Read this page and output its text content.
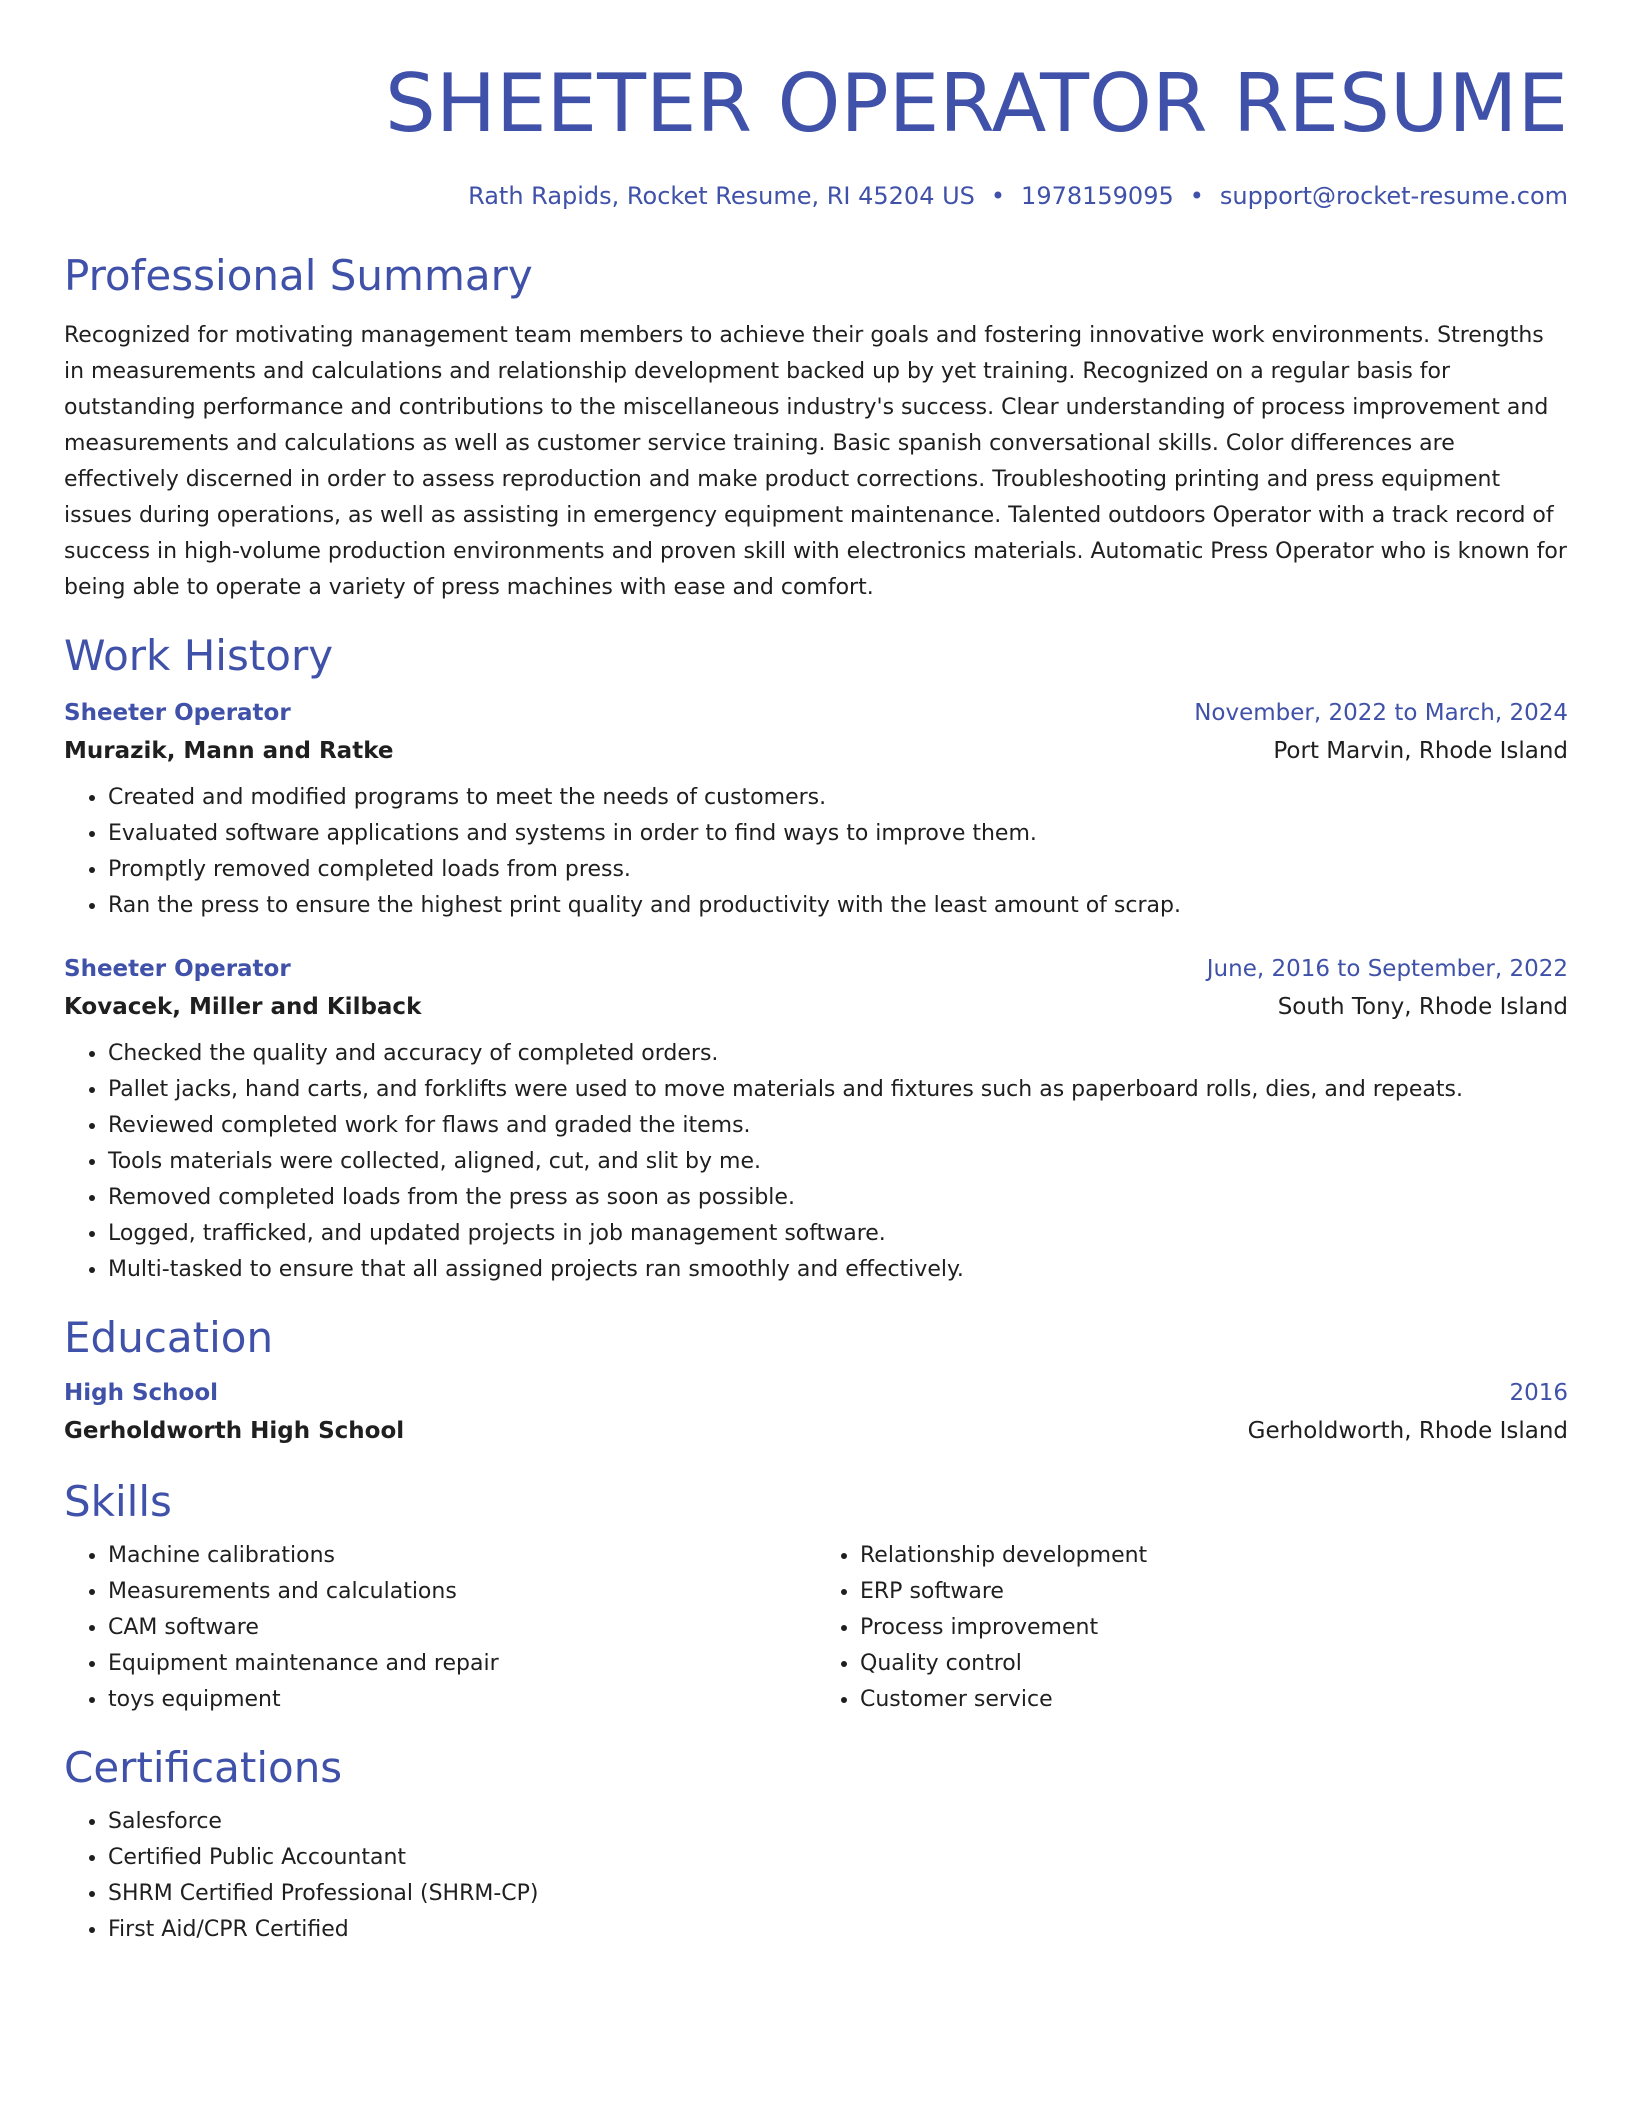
SHEETER OPERATOR RESUME
Rath Rapids, Rocket Resume, RI 45204 US • 1978159095 • support@rocket-resume.com
Professional Summary
Recognized for motivating management team members to achieve their goals and fostering innovative work environments. Strengths in measurements and calculations and relationship development backed up by yet training. Recognized on a regular basis for outstanding performance and contributions to the miscellaneous industry's success. Clear understanding of process improvement and measurements and calculations as well as customer service training. Basic spanish conversational skills. Color differences are effectively discerned in order to assess reproduction and make product corrections. Troubleshooting printing and press equipment issues during operations, as well as assisting in emergency equipment maintenance. Talented outdoors Operator with a track record of success in high-volume production environments and proven skill with electronics materials. Automatic Press Operator who is known for being able to operate a variety of press machines with ease and comfort.
Work History
Sheeter Operator	November, 2022 to March, 2024
Murazik, Mann and Ratke	Port Marvin, Rhode Island
• Created and modified programs to meet the needs of customers.
• Evaluated software applications and systems in order to find ways to improve them.
• Promptly removed completed loads from press.
• Ran the press to ensure the highest print quality and productivity with the least amount of scrap.
Sheeter Operator	June, 2016 to September, 2022
Kovacek, Miller and Kilback	South Tony, Rhode Island
• Checked the quality and accuracy of completed orders.
• Pallet jacks, hand carts, and forklifts were used to move materials and fixtures such as paperboard rolls, dies, and repeats.
• Reviewed completed work for flaws and graded the items.
• Tools materials were collected, aligned, cut, and slit by me.
• Removed completed loads from the press as soon as possible.
• Logged, trafficked, and updated projects in job management software.
• Multi-tasked to ensure that all assigned projects ran smoothly and effectively.
Education
High School	2016
Gerholdworth High School	Gerholdworth, Rhode Island
Skills
• Machine calibrations
• Measurements and calculations
• CAM software
• Equipment maintenance and repair
• toys equipment
• Relationship development
• ERP software
• Process improvement
• Quality control
• Customer service
Certifications
• Salesforce
• Certified Public Accountant
• SHRM Certified Professional (SHRM-CP)
• First Aid/CPR Certified
